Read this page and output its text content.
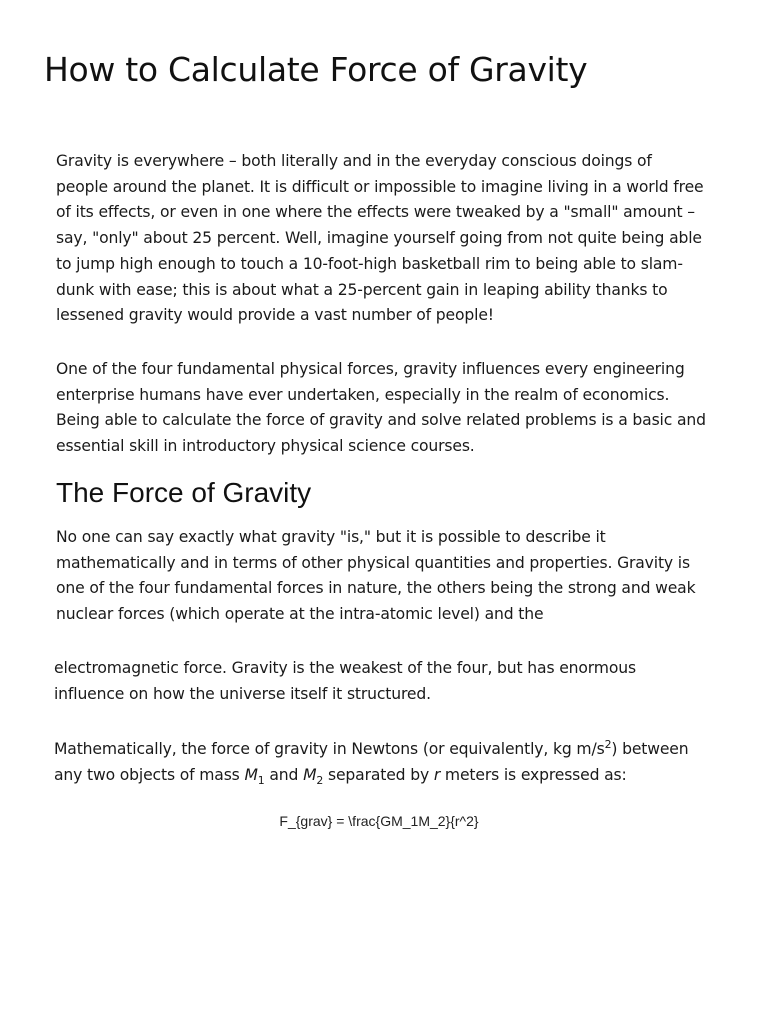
How to Calculate Force of Gravity

Gravity is everywhere – both literally and in the everyday conscious doings of people around the planet. It is difficult or impossible to imagine living in a world free of its effects, or even in one where the effects were tweaked by a "small" amount – say, "only" about 25 percent. Well, imagine yourself going from not quite being able to jump high enough to touch a 10-foot-high basketball rim to being able to slam-dunk with ease; this is about what a 25-percent gain in leaping ability thanks to lessened gravity would provide a vast number of people!

One of the four fundamental physical forces, gravity influences every engineering enterprise humans have ever undertaken, especially in the realm of economics. Being able to calculate the force of gravity and solve related problems is a basic and essential skill in introductory physical science courses.

The Force of Gravity

No one can say exactly what gravity "is," but it is possible to describe it mathematically and in terms of other physical quantities and properties. Gravity is one of the four fundamental forces in nature, the others being the strong and weak nuclear forces (which operate at the intra-atomic level) and the

electromagnetic force. Gravity is the weakest of the four, but has enormous influence on how the universe itself it structured.

Mathematically, the force of gravity in Newtons (or equivalently, kg $m/s^2$) between any two objects of mass $M_1$ and $M_2$ separated by r meters is expressed as:

F_{grav} = \frac{GM_1M_2}{r^2}
